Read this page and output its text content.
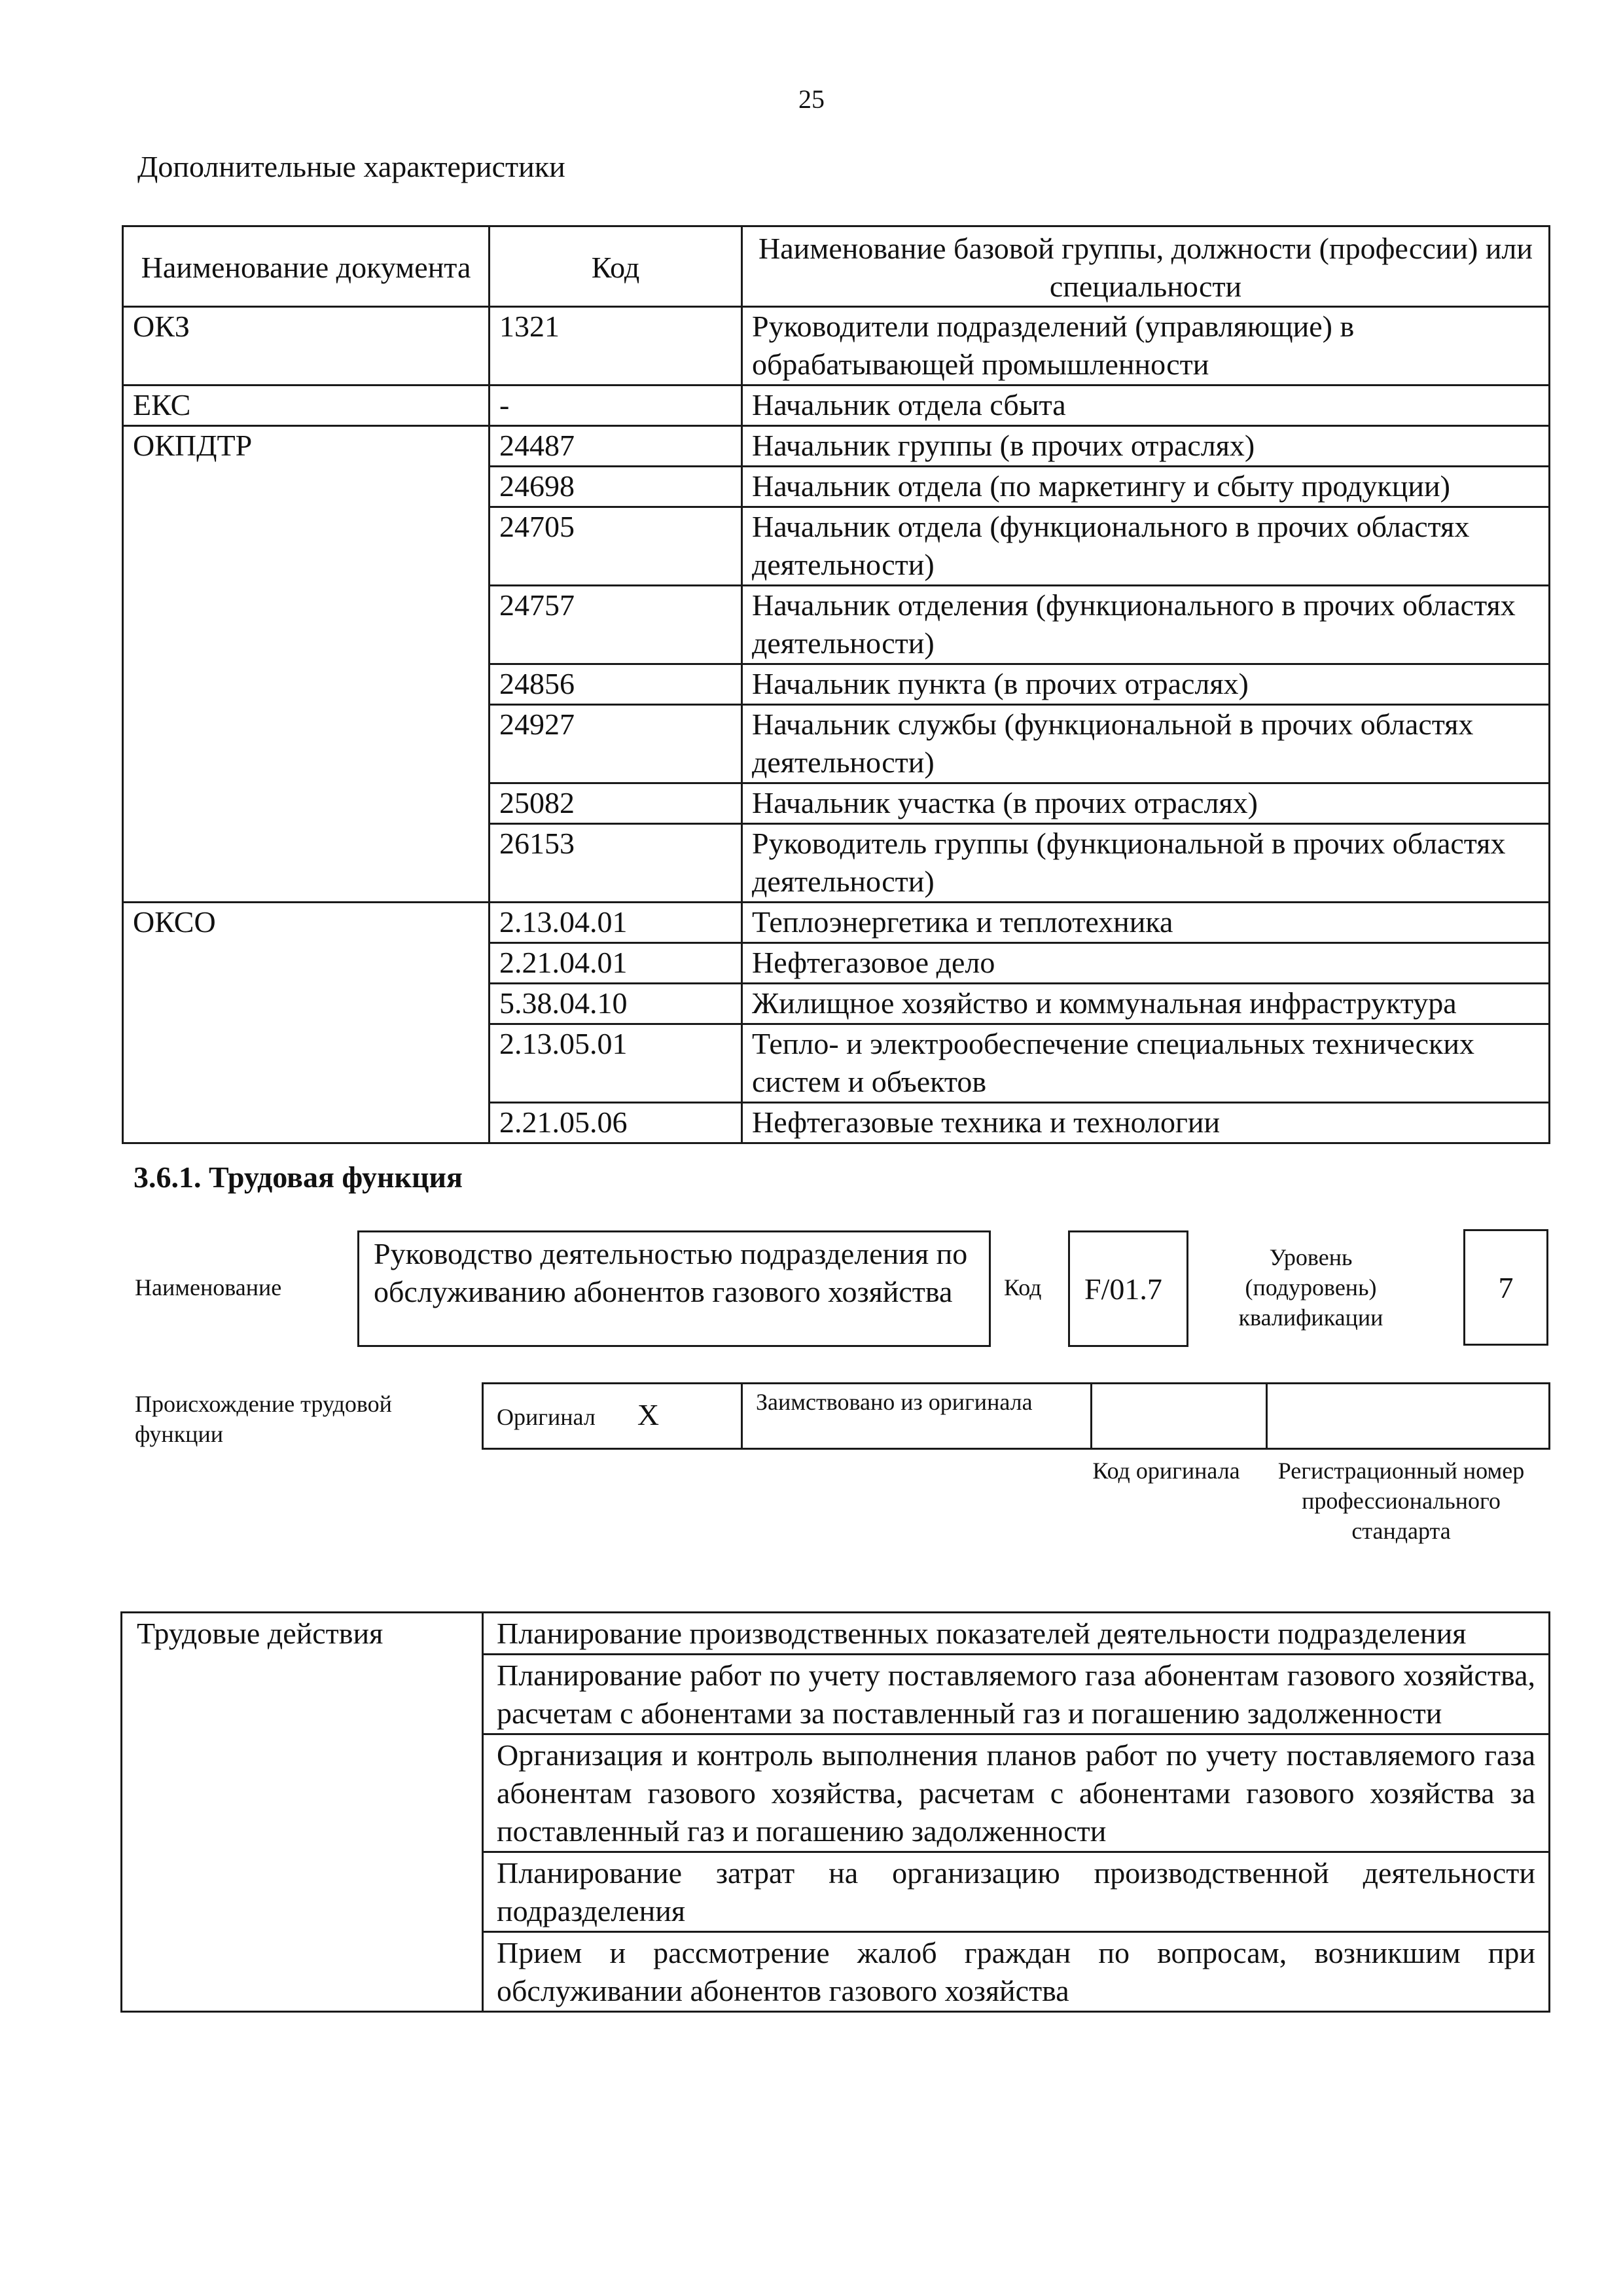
25
Дополнительные характеристики
Наименование документа	Код	Наименование базовой группы, должности (профессии) или специальности
ОКЗ	1321	Руководители подразделений (управляющие) в обрабатывающей промышленности
ЕКС	-	Начальник отдела сбыта
ОКПДТР	24487	Начальник группы (в прочих отраслях)
	24698	Начальник отдела (по маркетингу и сбыту продукции)
	24705	Начальник отдела (функционального в прочих областях деятельности)
	24757	Начальник отделения (функционального в прочих областях деятельности)
	24856	Начальник пункта (в прочих отраслях)
	24927	Начальник службы (функциональной в прочих областях деятельности)
	25082	Начальник участка (в прочих отраслях)
	26153	Руководитель группы (функциональной в прочих областях деятельности)
ОКСО	2.13.04.01	Теплоэнергетика и теплотехника
	2.21.04.01	Нефтегазовое дело
	5.38.04.10	Жилищное хозяйство и коммунальная инфраструктура
	2.13.05.01	Тепло- и электрообеспечение специальных технических систем и объектов
	2.21.05.06	Нефтегазовые техника и технологии
3.6.1. Трудовая функция
Наименование
Руководство деятельностью подразделения по обслуживанию абонентов газового хозяйства	Код	F/01.7
Уровень (подуровень) квалификации
7
Происхождение трудовой функции
Оригинал X	Заимствовано из оригинала		
Код оригинала	Регистрационный номер профессионального стандарта
Трудовые действия	Планирование производственных показателей деятельности подразделения
Планирование работ по учету поставляемого газа абонентам газового хозяйства, расчетам с абонентами за поставленный газ и погашению задолженности
Организация и контроль выполнения планов работ по учету поставляемого газа абонентам газового хозяйства, расчетам с абонентами газового хозяйства за поставленный газ и погашению задолженности
Планирование затрат на организацию производственной деятельности подразделения
Прием и рассмотрение жалоб граждан по вопросам, возникшим при обслуживании абонентов газового хозяйства
